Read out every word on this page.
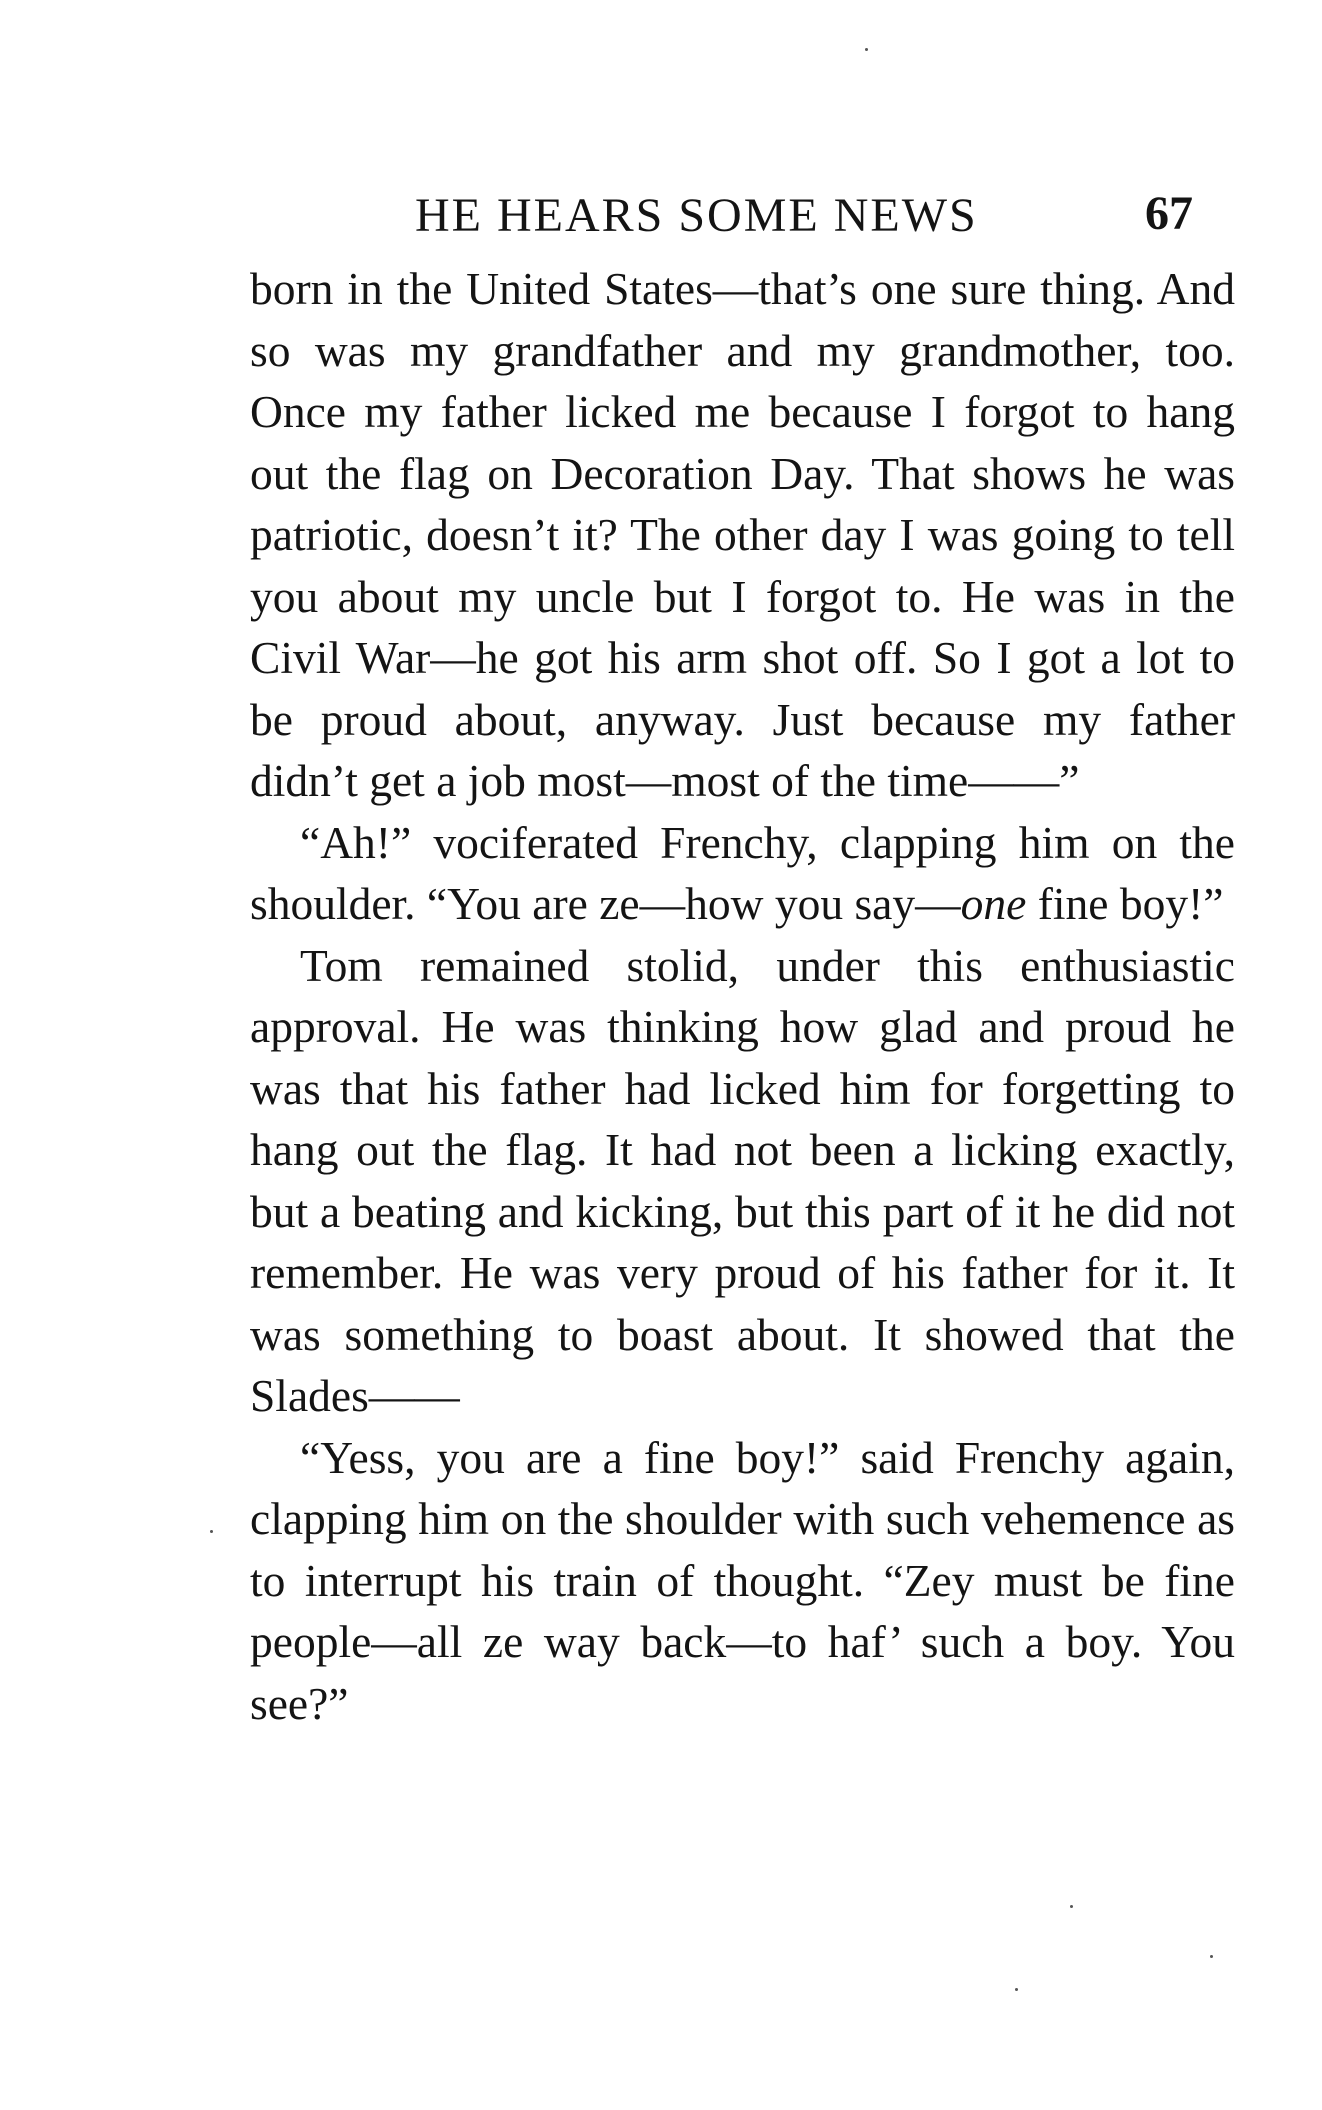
HE HEARS SOME NEWS	67

born in the United States—that’s one sure thing. And so was my grandfather and my grandmother, too. Once my father licked me because I forgot to hang out the flag on Decoration Day. That shows he was patriotic, doesn’t it? The other day I was going to tell you about my uncle but I forgot to. He was in the Civil War—he got his arm shot off. So I got a lot to be proud about, anyway. Just because my father didn’t get a job most—most of the time——”

“Ah!” vociferated Frenchy, clapping him on the shoulder. “You are ze—how you say—one fine boy!”

Tom remained stolid, under this enthusiastic approval. He was thinking how glad and proud he was that his father had licked him for forgetting to hang out the flag. It had not been a licking exactly, but a beating and kicking, but this part of it he did not remember. He was very proud of his father for it. It was something to boast about. It showed that the Slades——

“Yess, you are a fine boy!” said Frenchy again, clapping him on the shoulder with such vehemence as to interrupt his train of thought. “Zey must be fine people—all ze way back—to haf’ such a boy. You see?”
